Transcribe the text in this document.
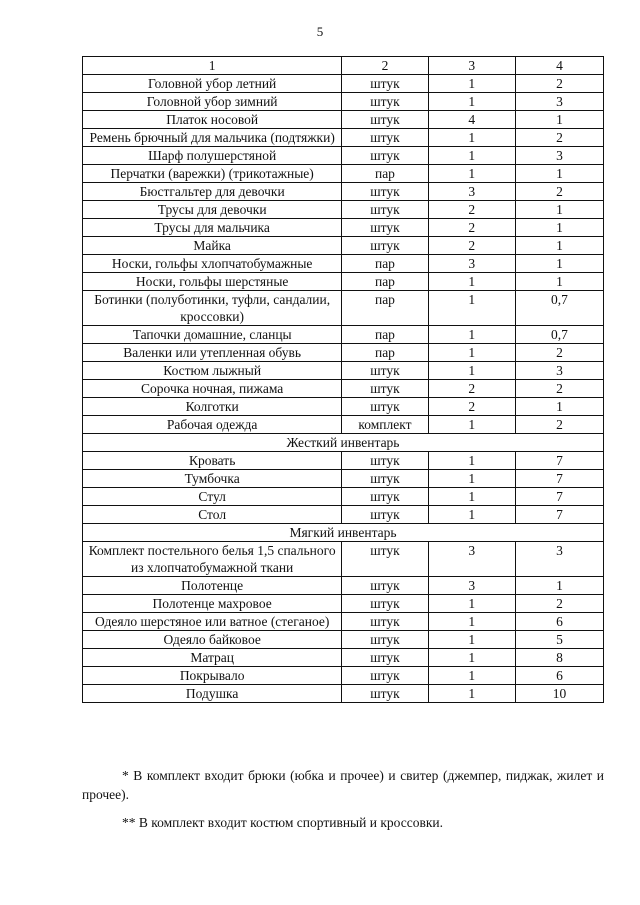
5
1	2	3	4
Головной убор летний	штук	1	2
Головной убор зимний	штук	1	3
Платок носовой	штук	4	1
Ремень брючный для мальчика (подтяжки)	штук	1	2
Шарф полушерстяной	штук	1	3
Перчатки (варежки) (трикотажные)	пар	1	1
Бюстгальтер для девочки	штук	3	2
Трусы для девочки	штук	2	1
Трусы для мальчика	штук	2	1
Майка	штук	2	1
Носки, гольфы хлопчатобумажные	пар	3	1
Носки, гольфы шерстяные	пар	1	1
Ботинки (полуботинки, туфли, сандалии, кроссовки)	пар	1	0,7
Тапочки домашние, сланцы	пар	1	0,7
Валенки или утепленная обувь	пар	1	2
Костюм лыжный	штук	1	3
Сорочка ночная, пижама	штук	2	2
Колготки	штук	2	1
Рабочая одежда	комплект	1	2
Жесткий инвентарь			
Кровать	штук	1	7
Тумбочка	штук	1	7
Стул	штук	1	7
Стол	штук	1	7
Мягкий инвентарь			
Комплект постельного белья 1,5 спального из хлопчатобумажной ткани	штук	3	3
Полотенце	штук	3	1
Полотенце махровое	штук	1	2
Одеяло шерстяное или ватное (стеганое)	штук	1	6
Одеяло байковое	штук	1	5
Матрац	штук	1	8
Покрывало	штук	1	6
Подушка	штук	1	10

* В комплект входит брюки (юбка и прочее) и свитер (джемпер, пиджак, жилет и прочее).

** В комплект входит костюм спортивный и кроссовки.
